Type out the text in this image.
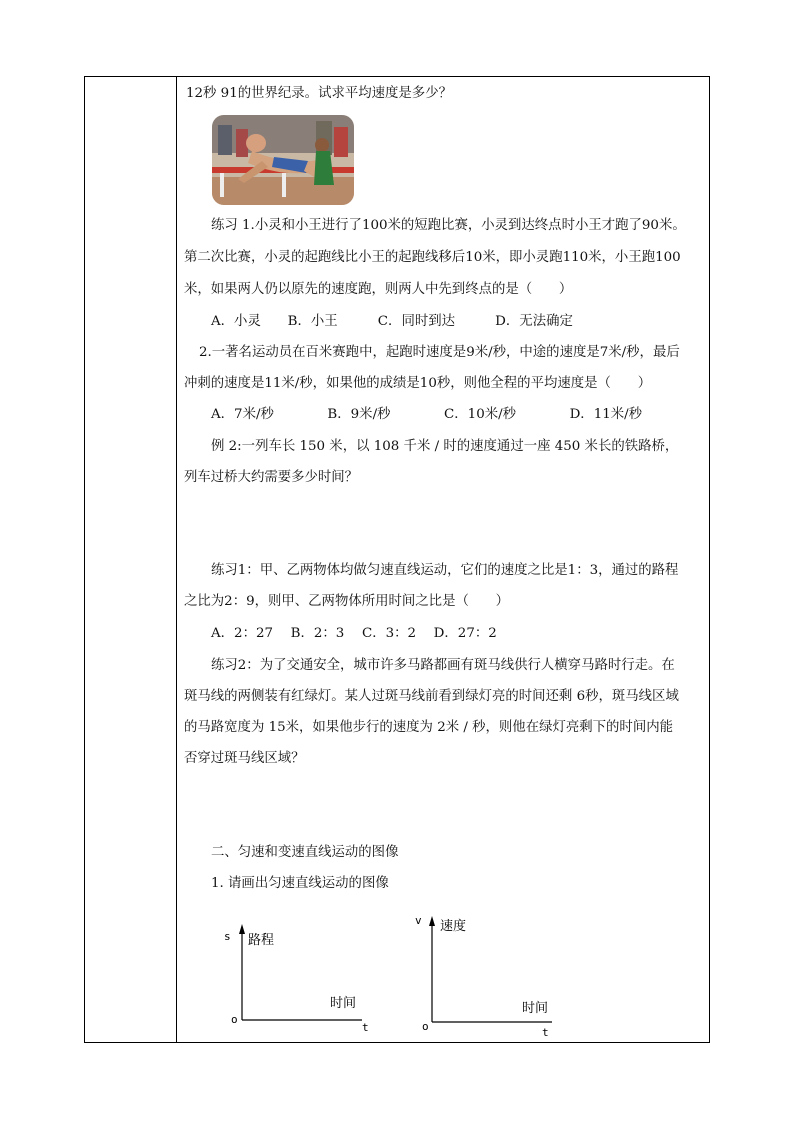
12秒 91的世界纪录。试求平均速度是多少？
练习 1.小灵和小王进行了100米的短跑比赛，小灵到达终点时小王才跑了90米。
第二次比赛，小灵的起跑线比小王的起跑线移后10米，即小灵跑110米，小王跑100
米，如果两人仍以原先的速度跑，则两人中先到终点的是（　　）
A．小灵　　B．小王　　　C．同时到达　　　D．无法确定
2.一著名运动员在百米赛跑中，起跑时速度是9米/秒，中途的速度是7米/秒，最后
冲刺的速度是11米/秒，如果他的成绩是10秒，则他全程的平均速度是（　　）
A．7米/秒　　　　B．9米/秒　　　　C．10米/秒　　　　D．11米/秒
例 2:一列车长 150 米，以 108 千米 / 时的速度通过一座 450 米长的铁路桥，
列车过桥大约需要多少时间？
练习1：甲、乙两物体均做匀速直线运动，它们的速度之比是1：3，通过的路程
之比为2：9，则甲、乙两物体所用时间之比是（　　）
A．2：27　 B．2：3　 C．3：2　 D．27：2
练习2：为了交通安全，城市许多马路都画有斑马线供行人横穿马路时行走。在
斑马线的两侧装有红绿灯。某人过斑马线前看到绿灯亮的时间还剩 6秒，斑马线区域
的马路宽度为 15米，如果他步行的速度为 2米 / 秒，则他在绿灯亮剩下的时间内能
否穿过斑马线区域？
二、匀速和变速直线运动的图像
1. 请画出匀速直线运动的图像
s 路程
时间
t
o
v 速度
时间
t
o
